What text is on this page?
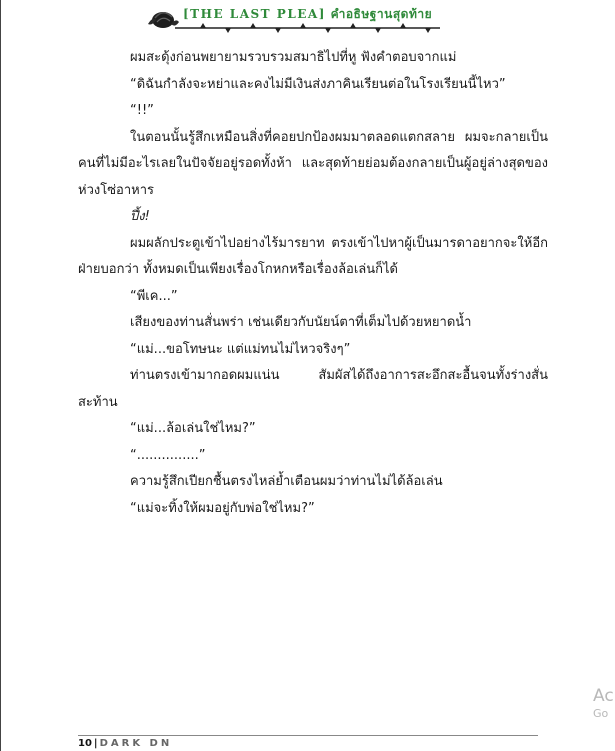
[THE LAST PLEA] คำอธิษฐานสุดท้าย

ผมสะดุ้งก่อนพยายามรวบรวมสมาธิไปที่หู ฟังคำตอบจากแม่

“ดิฉันกำลังจะหย่าและคงไม่มีเงินส่งภาคินเรียนต่อในโรงเรียนนี้ไหว”

“!!”

ในตอนนั้นรู้สึกเหมือนสิ่งที่คอยปกป้องผมมาตลอดแตกสลาย ผมจะกลายเป็นคนที่ไม่มีอะไรเลยในปัจจัยอยู่รอดทั้งห้า และสุดท้ายย่อมต้องกลายเป็นผู้อยู่ล่างสุดของห่วงโซ่อาหาร

ปึ้ง!

ผมผลักประตูเข้าไปอย่างไร้มารยาท ตรงเข้าไปหาผู้เป็นมารดาอยากจะให้อีกฝ่ายบอกว่า ทั้งหมดเป็นเพียงเรื่องโกหกหรือเรื่องล้อเล่นก็ได้

“พีเค...”

เสียงของท่านสั่นพร่า เช่นเดียวกับนัยน์ตาที่เต็มไปด้วยหยาดน้ำ

“แม่...ขอโทษนะ แต่แม่ทนไม่ไหวจริงๆ”

ท่านตรงเข้ามากอดผมแน่น สัมผัสได้ถึงอาการสะอึกสะอื้นจนทั้งร่างสั่นสะท้าน

“แม่...ล้อเล่นใช่ไหม?”

“...............”

ความรู้สึกเปียกชื้นตรงไหล่ย้ำเตือนผมว่าท่านไม่ได้ล้อเล่น

“แม่จะทิ้งให้ผมอยู่กับพ่อใช่ไหม?”

Ac
Go
10 | DARK DN
